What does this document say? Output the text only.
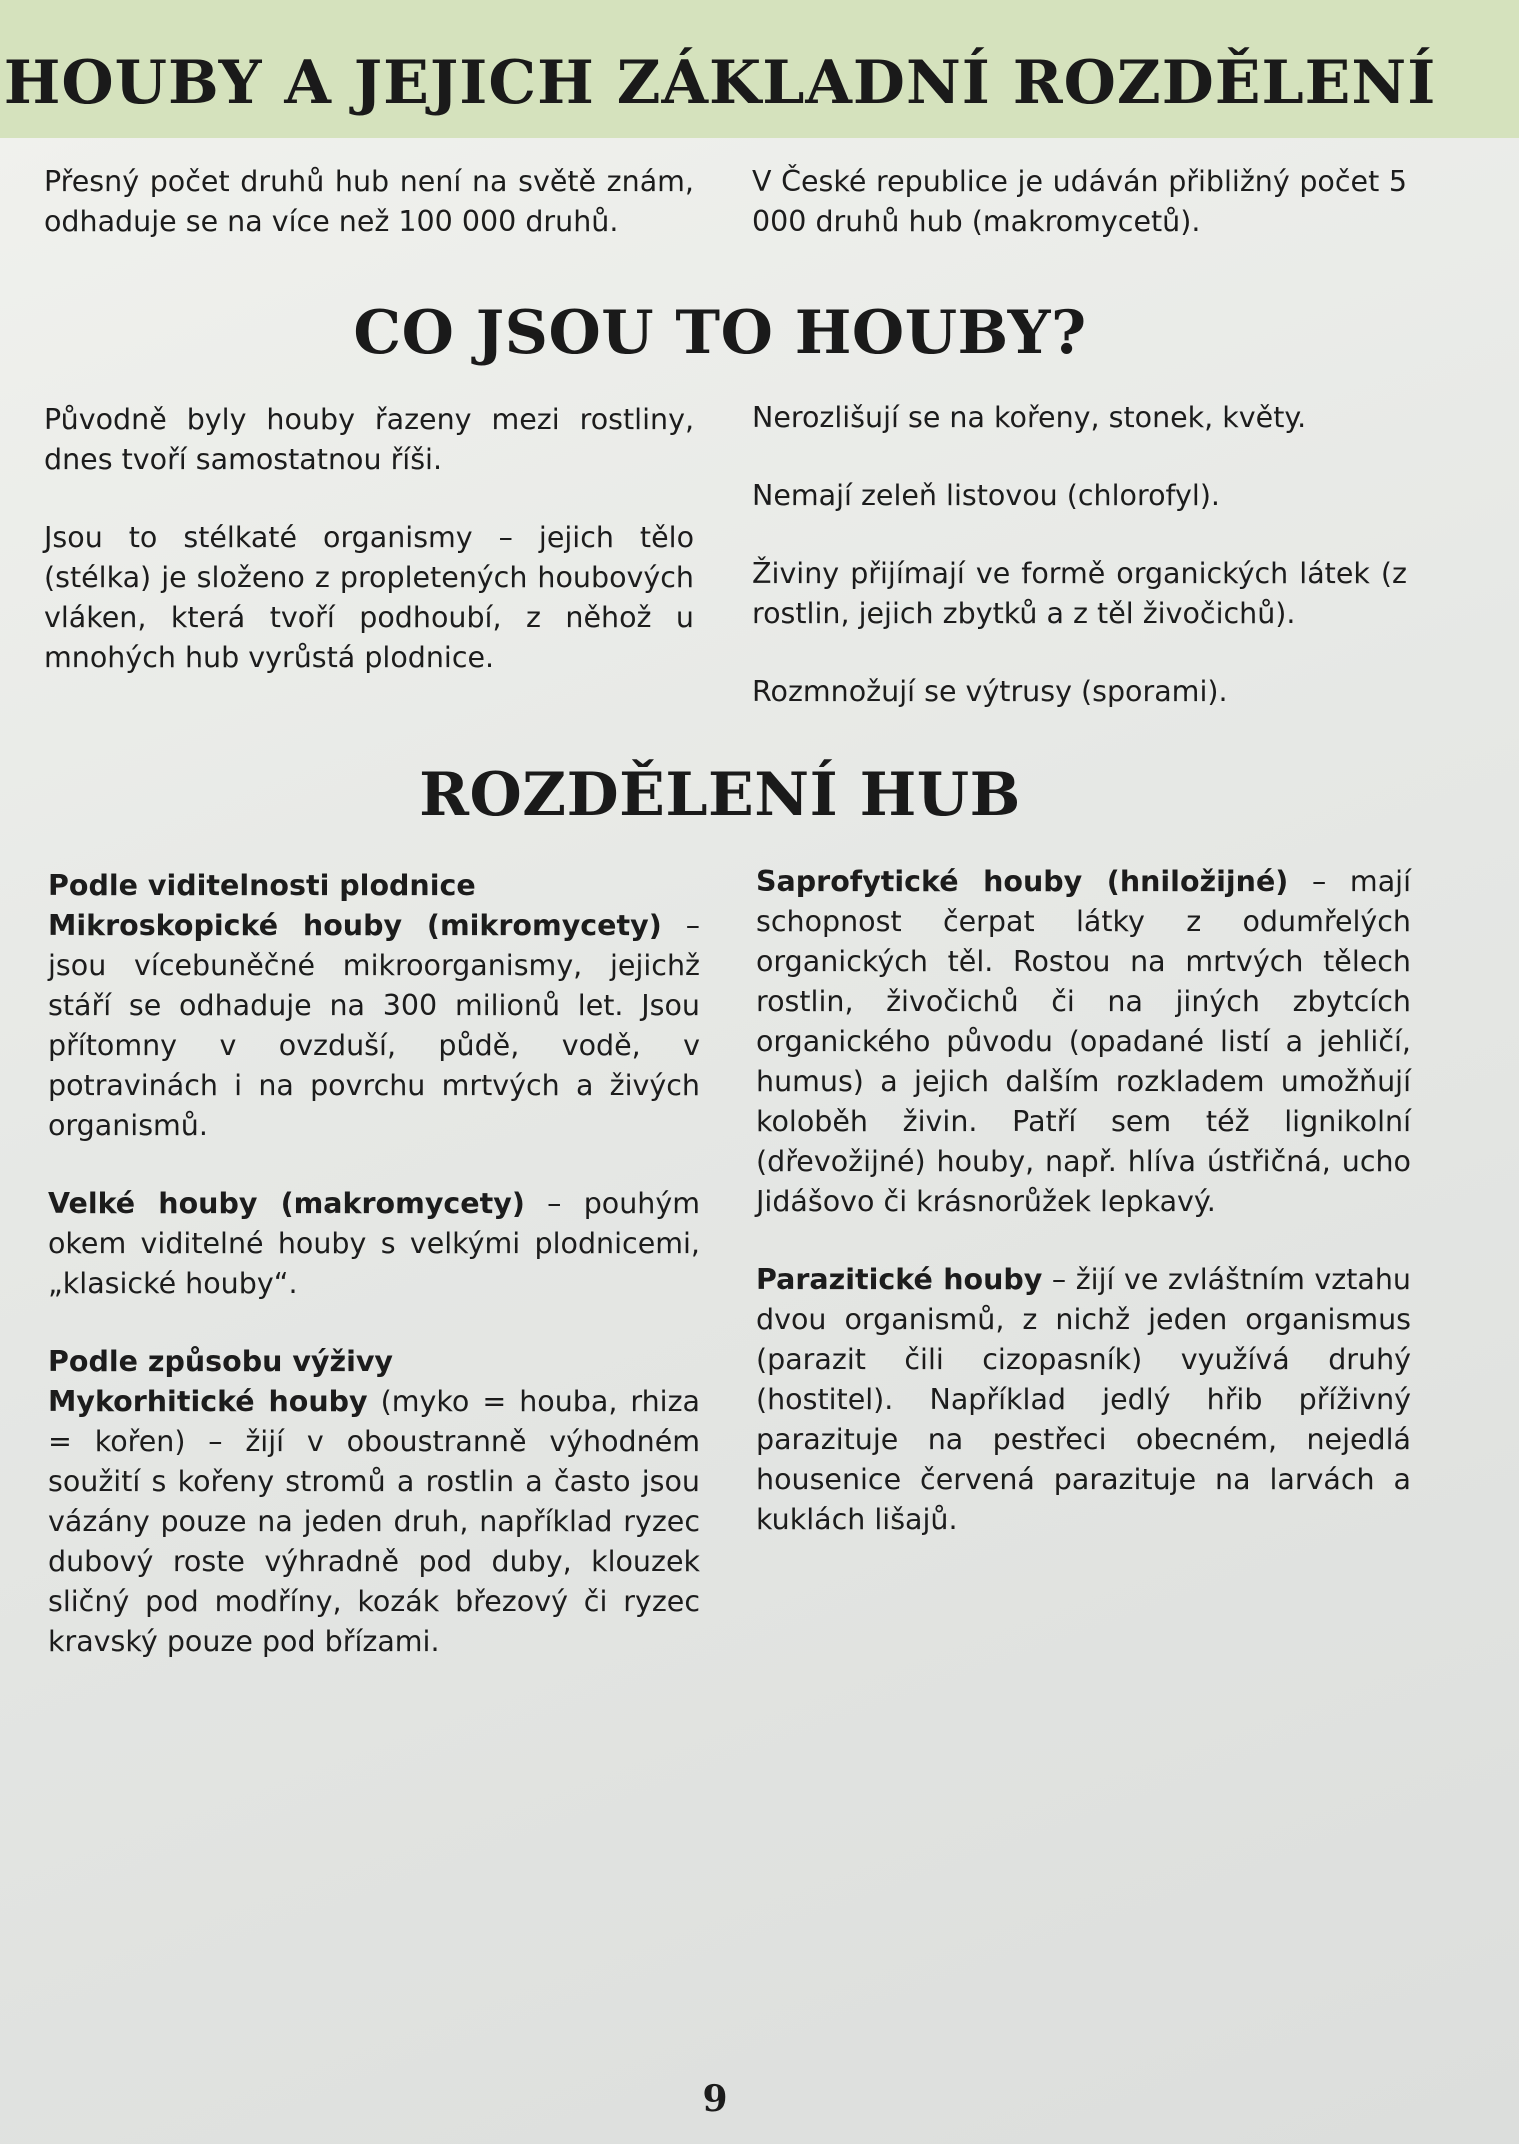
HOUBY A JEJICH ZÁKLADNÍ ROZDĚLENÍ

Přesný počet druhů hub není na světě znám, odhaduje se na více než 100 000 druhů.

V České republice je udáván přibližný počet 5 000 druhů hub (makromycetů).

CO JSOU TO HOUBY?

Původně byly houby řazeny mezi rostliny, dnes tvoří samostatnou říši.

Jsou to stélkaté organismy – jejich tělo (stélka) je složeno z propletených houbových vláken, která tvoří podhoubí, z něhož u mnohých hub vyrůstá plodnice.

Nerozlišují se na kořeny, stonek, květy.

Nemají zeleň listovou (chlorofyl).

Živiny přijímají ve formě organických látek (z rostlin, jejich zbytků a z těl živočichů).

Rozmnožují se výtrusy (sporami).

ROZDĚLENÍ HUB

Podle viditelnosti plodnice

Mikroskopické houby (mikromycety) – jsou vícebuněčné mikroorganismy, jejichž stáří se odhaduje na 300 milionů let. Jsou přítomny v ovzduší, půdě, vodě, v potravinách i na povrchu mrtvých a živých organismů.

Velké houby (makromycety) – pouhým okem viditelné houby s velkými plodnicemi, „klasické houby“.

Podle způsobu výživy

Mykorhitické houby (myko = houba, rhiza = kořen) – žijí v oboustranně výhodném soužití s kořeny stromů a rostlin a často jsou vázány pouze na jeden druh, například ryzec dubový roste výhradně pod duby, klouzek sličný pod modříny, kozák březový či ryzec kravský pouze pod břízami.

Saprofytické houby (hniložijné) – mají schopnost čerpat látky z odumřelých organických těl. Rostou na mrtvých tělech rostlin, živočichů či na jiných zbytcích organického původu (opadané listí a jehličí, humus) a jejich dalším rozkladem umožňují koloběh živin. Patří sem též lignikolní (dřevožijné) houby, např. hlíva ústřičná, ucho Jidášovo či krásnorůžek lepkavý.

Parazitické houby – žijí ve zvláštním vztahu dvou organismů, z nichž jeden organismus (parazit čili cizopasník) využívá druhý (hostitel). Například jedlý hřib příživný parazituje na pestřeci obecném, nejedlá housenice červená parazituje na larvách a kuklách lišajů.

9
